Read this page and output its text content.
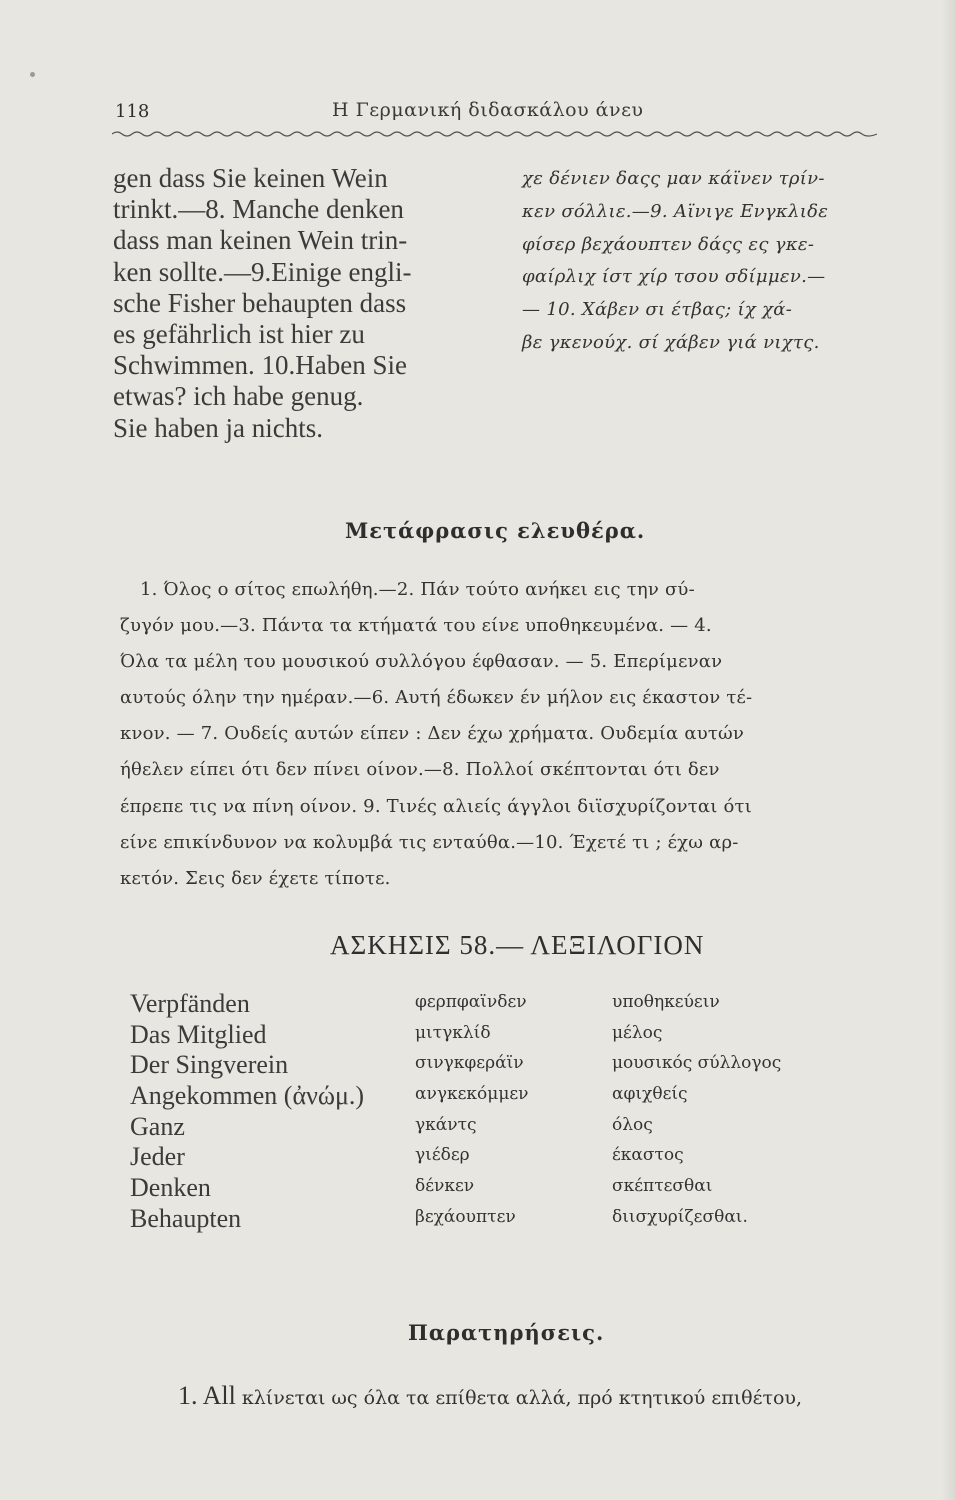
118	Η Γερμανική διδασκάλου άνευ
gen dass Sie keinen Wein
trinkt.—8. Manche denken
dass man keinen Wein trin-
ken sollte.—9.Einige engli-
sche Fisher behaupten dass
es gefährlich ist hier zu
Schwimmen. 10.Haben Sie
etwas? ich habe genug.
Sie haben ja nichts.
χε δένιεν δαςς μαν κάϊνεν τρίν-
κεν σόλλιε.—9. Αϊνιγε Ενγκλιδε
φίσερ βεχάουπτεν δάςς ες γκε-
φαίρλιχ ίστ χίρ τσου σδίμμεν.—
— 10. Χάβεν σι έτβας; ίχ χά-
βε γκενούχ. σί χάβεν γιά νιχτς.
Μετάφρασις ελευθέρα.
1. Όλος ο σίτος επωλήθη.—2. Πάν τούτο ανήκει εις την σύ-
ζυγόν μου.—3. Πάντα τα κτήματά του είνε υποθηκευμένα. — 4.
Όλα τα μέλη του μουσικού συλλόγου έφθασαν. — 5. Επερίμεναν
αυτούς όλην την ημέραν.—6. Αυτή έδωκεν έν μήλον εις έκαστον τέ-
κνον. — 7. Ουδείς αυτών είπεν : Δεν έχω χρήματα. Ουδεμία αυτών
ήθελεν είπει ότι δεν πίνει οίνον.—8. Πολλοί σκέπτονται ότι δεν
έπρεπε τις να πίνη οίνον. 9. Τινές αλιείς άγγλοι διϊσχυρίζονται ότι
είνε επικίνδυνον να κολυμβά τις ενταύθα.—10. Έχετέ τι ; έχω αρ-
κετόν. Σεις δεν έχετε τίποτε.
ΑΣΚΗΣΙΣ 58.— ΛΕΞΙΛΟΓΙΟΝ
Verpfänden	φερπφαϊνδεν	υποθηκεύειν
Das Mitglied	μιτγκλίδ	μέλος
Der Singverein	σινγκφεράϊν	μουσικός σύλλογος
Angekommen (ἀνώμ.)	ανγκεκόμμεν	αφιχθείς
Ganz	γκάντς	όλος
Jeder	γιέδερ	έκαστος
Denken	δένκεν	σκέπτεσθαι
Behaupten	βεχάουπτεν	διισχυρίζεσθαι.
Παρατηρήσεις.
1. All κλίνεται ως όλα τα επίθετα αλλά, πρό κτητικού επιθέτου,
